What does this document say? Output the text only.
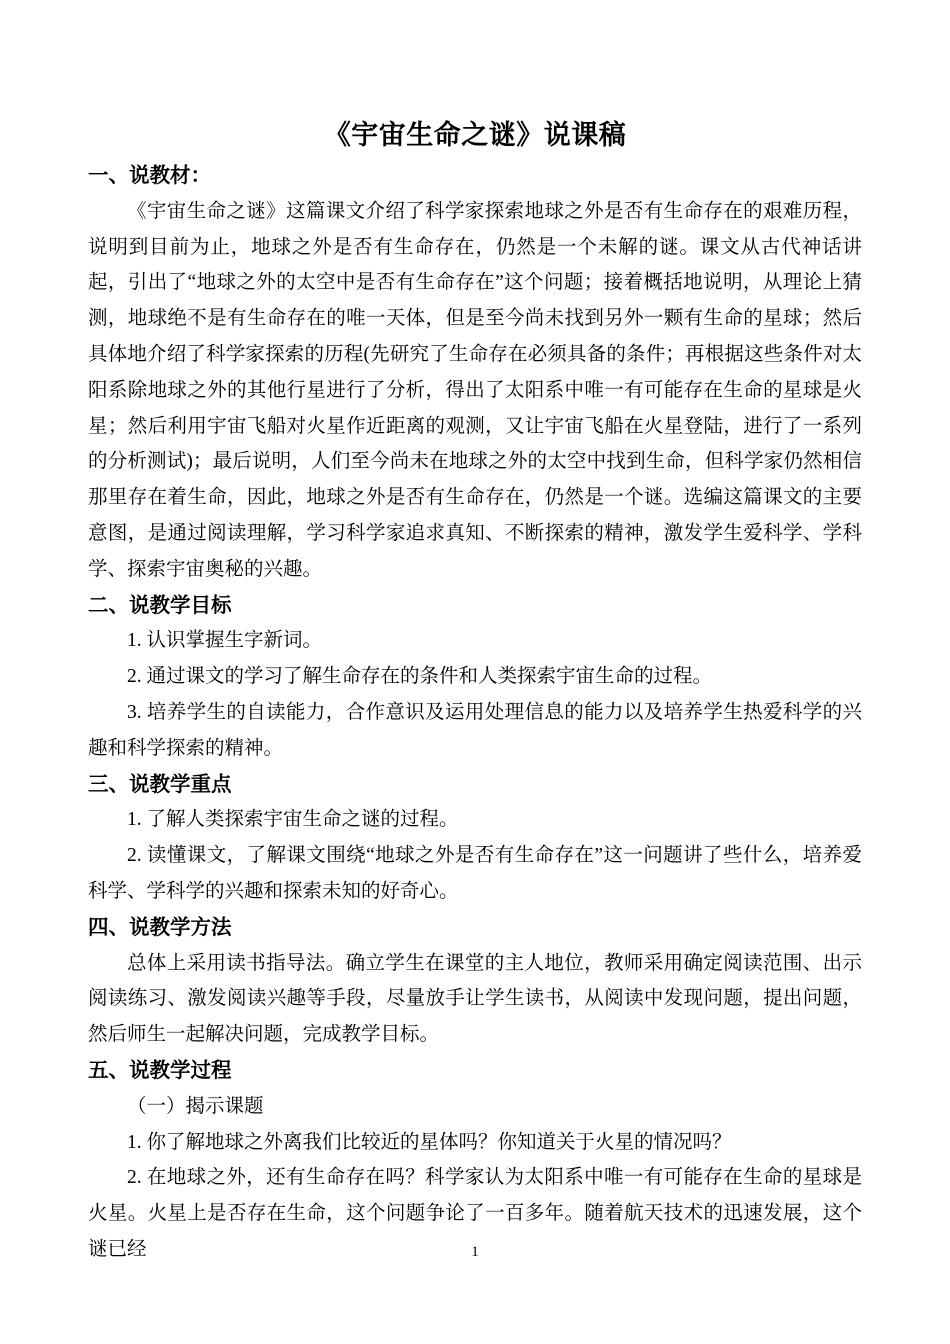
《宇宙生命之谜》说课稿
一、说教材：

《宇宙生命之谜》这篇课文介绍了科学家探索地球之外是否有生命存在的艰难历程，说明到目前为止，地球之外是否有生命存在，仍然是一个未解的谜。课文从古代神话讲起，引出了“地球之外的太空中是否有生命存在”这个问题；接着概括地说明，从理论上猜测，地球绝不是有生命存在的唯一天体，但是至今尚未找到另外一颗有生命的星球；然后具体地介绍了科学家探索的历程(先研究了生命存在必须具备的条件；再根据这些条件对太阳系除地球之外的其他行星进行了分析，得出了太阳系中唯一有可能存在生命的星球是火星；然后利用宇宙飞船对火星作近距离的观测，又让宇宙飞船在火星登陆，进行了一系列的分析测试)；最后说明，人们至今尚未在地球之外的太空中找到生命，但科学家仍然相信那里存在着生命，因此，地球之外是否有生命存在，仍然是一个谜。选编这篇课文的主要意图，是通过阅读理解，学习科学家追求真知、不断探索的精神，激发学生爱科学、学科学、探索宇宙奥秘的兴趣。

二、说教学目标

1. 认识掌握生字新词。

2. 通过课文的学习了解生命存在的条件和人类探索宇宙生命的过程。

3. 培养学生的自读能力，合作意识及运用处理信息的能力以及培养学生热爱科学的兴趣和科学探索的精神。

三、说教学重点

1. 了解人类探索宇宙生命之谜的过程。

2. 读懂课文，了解课文围绕“地球之外是否有生命存在”这一问题讲了些什么，培养爱科学、学科学的兴趣和探索未知的好奇心。

四、说教学方法

总体上采用读书指导法。确立学生在课堂的主人地位，教师采用确定阅读范围、出示阅读练习、激发阅读兴趣等手段，尽量放手让学生读书，从阅读中发现问题，提出问题，然后师生一起解决问题，完成教学目标。

五、说教学过程

（一）揭示课题

1. 你了解地球之外离我们比较近的星体吗？你知道关于火星的情况吗？

2. 在地球之外，还有生命存在吗？科学家认为太阳系中唯一有可能存在生命的星球是火星。火星上是否存在生命，这个问题争论了一百多年。随着航天技术的迅速发展，这个谜已经	1
